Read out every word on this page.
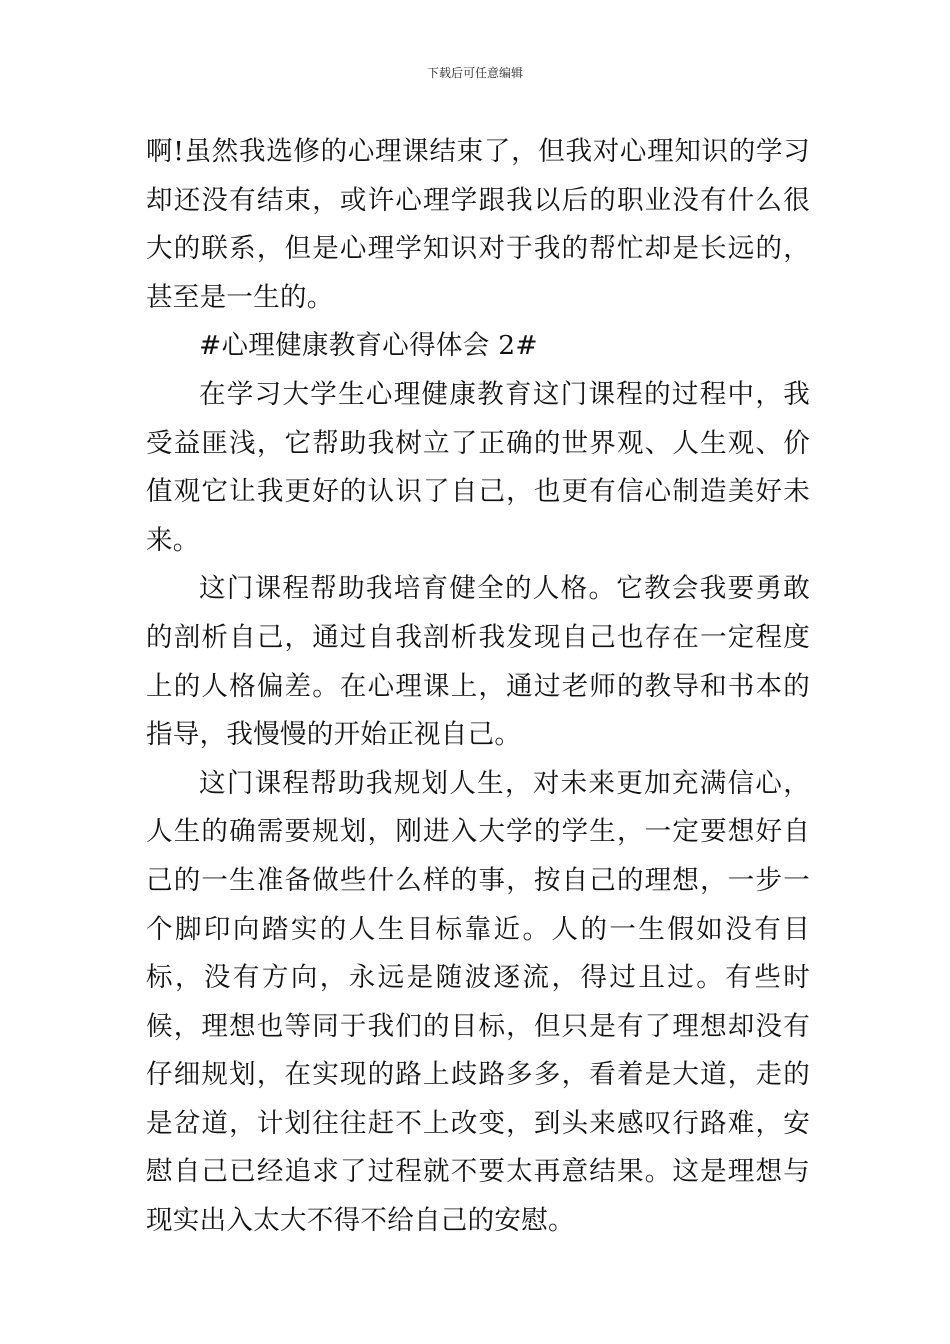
下载后可任意编辑

啊!虽然我选修的心理课结束了，但我对心理知识的学习却还没有结束，或许心理学跟我以后的职业没有什么很大的联系，但是心理学知识对于我的帮忙却是长远的，甚至是一生的。

#心理健康教育心得体会 2#

在学习大学生心理健康教育这门课程的过程中，我受益匪浅，它帮助我树立了正确的世界观、人生观、价值观它让我更好的认识了自己，也更有信心制造美好未来。

这门课程帮助我培育健全的人格。它教会我要勇敢的剖析自己，通过自我剖析我发现自己也存在一定程度上的人格偏差。在心理课上，通过老师的教导和书本的指导，我慢慢的开始正视自己。

这门课程帮助我规划人生，对未来更加充满信心，人生的确需要规划，刚进入大学的学生，一定要想好自己的一生准备做些什么样的事，按自己的理想，一步一个脚印向踏实的人生目标靠近。人的一生假如没有目标，没有方向，永远是随波逐流，得过且过。有些时候，理想也等同于我们的目标，但只是有了理想却没有仔细规划，在实现的路上歧路多多，看着是大道，走的是岔道，计划往往赶不上改变，到头来感叹行路难，安慰自己已经追求了过程就不要太再意结果。这是理想与现实出入太大不得不给自己的安慰。
